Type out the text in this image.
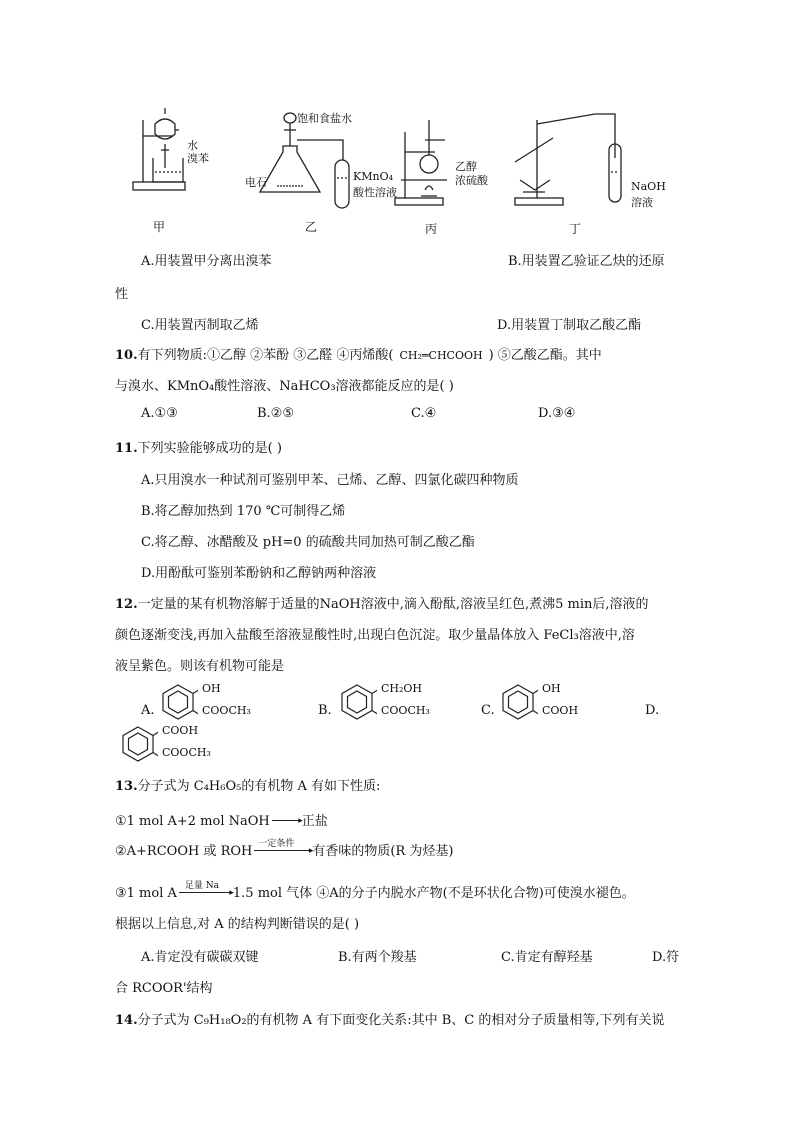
水
溴苯
饱和食盐水
电石	KMnO₄
酸性溶液
乙醇
浓硫酸	NaOH
溶液
甲	乙	丙	丁
A.用装置甲分离出溴苯	B.用装置乙验证乙炔的还原
性
C.用装置丙制取乙烯	D.用装置丁制取乙酸乙酯
10.有下列物质:①乙醇 ②苯酚 ③乙醛 ④丙烯酸( CH₂═CHCOOH ) ⑤乙酸乙酯。其中
与溴水、KMnO₄酸性溶液、NaHCO₃溶液都能反应的是( )
A.①③	B.②⑤	C.④	D.③④
11.下列实验能够成功的是( )
A.只用溴水一种试剂可鉴别甲苯、己烯、乙醇、四氯化碳四种物质
B.将乙醇加热到 170 ℃可制得乙烯
C.将乙醇、冰醋酸及 pH=0 的硫酸共同加热可制乙酸乙酯
D.用酚酞可鉴别苯酚钠和乙醇钠两种溶液
12.一定量的某有机物溶解于适量的NaOH溶液中,滴入酚酞,溶液呈红色,煮沸5 min后,溶液的
颜色逐渐变浅,再加入盐酸至溶液显酸性时,出现白色沉淀。取少量晶体放入 FeCl₃溶液中,溶
液呈紫色。则该有机物可能是
A.
OH
COOCH₃	B.
CH₂OH
COOCH₃	C.
OH
COOH	D.
COOH
COOCH₃
13.分子式为 C₄H₆O₅的有机物 A 有如下性质:
①1 mol A+2 mol NaOH	▸ 正盐
②A+RCOOH 或 ROH 一定条件
▸ 有香味的物质(R 为烃基)
③1 mol A 足量 Na
▸ 1.5 mol 气体 ④A的分子内脱水产物(不是环状化合物)可使溴水褪色。
根据以上信息,对 A 的结构判断错误的是( )
A.肯定没有碳碳双键	B.有两个羧基	C.肯定有醇羟基	D.符
合 RCOOR'结构
14.分子式为 C₉H₁₈O₂的有机物 A 有下面变化关系:其中 B、C 的相对分子质量相等,下列有关说
